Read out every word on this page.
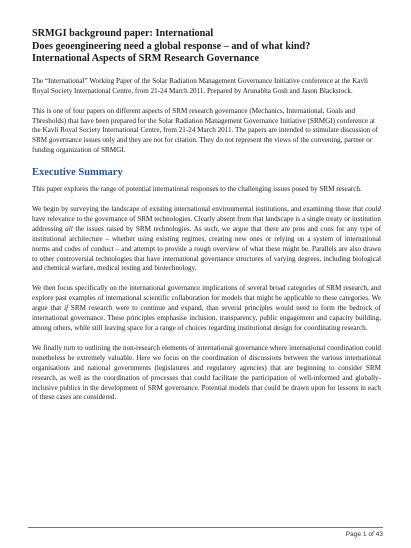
SRMGI background paper: International
Does geoengineering need a global response – and of what kind?
International Aspects of SRM Research Governance

The “International” Working Paper of the Solar Radiation Management Governance Initiative conference at the Kavli Royal Society International Centre, from 21-24 March 2011. Prepared by Arunabha Gosh and Jason Blackstock.

This is one of four papers on different aspects of SRM research governance (Mechanics, International, Goals and Thresholds) that have been prepared for the Solar Radiation Management Governance Initiative (SRMGI) conference at the Kavli Royal Society International Centre, from 21-24 March 2011. The papers are intended to stimulate discussion of SRM governance issues only and they are not for citation. They do not represent the views of the convening, partner or funding organization of SRMGI.

Executive Summary

This paper explores the range of potential international responses to the challenging issues posed by SRM research.

We begin by surveying the landscape of existing international environmental institutions, and examining those that could have relevance to the governance of SRM technologies. Clearly absent from that landscape is a single treaty or institution addressing all the issues raised by SRM technologies. As such, we argue that there are pros and cons for any type of institutional architecture – whether using existing regimes, creating new ones or relying on a system of international norms and codes of conduct – and attempt to provide a rough overview of what these might be. Parallels are also drawn to other controversial technologies that have international governance structures of varying degrees, including biological and chemical warfare, medical testing and biotechnology.

We then focus specifically on the international governance implications of several broad categories of SRM research, and explore past examples of international scientific collaboration for models that might be applicable to these categories. We argue that if SRM research were to continue and expand, than several principles would need to form the bedrock of international governance. These principles emphasise inclusion, transparency, public engagement and capacity building, among others, while still leaving space for a range of choices regarding institutional design for coordinating research.

We finally turn to outlining the non-research elements of international governance where international coordination could nonetheless be extremely valuable. Here we focus on the coordination of discussions between the various international organisations and national governments (legislatures and regulatory agencies) that are beginning to consider SRM research, as well as the coordination of processes that could facilitate the participation of well-informed and globally-inclusive publics in the development of SRM governance. Potential models that could be drawn upon for lessons in each of these cases are considered.

Page 1 of 43
